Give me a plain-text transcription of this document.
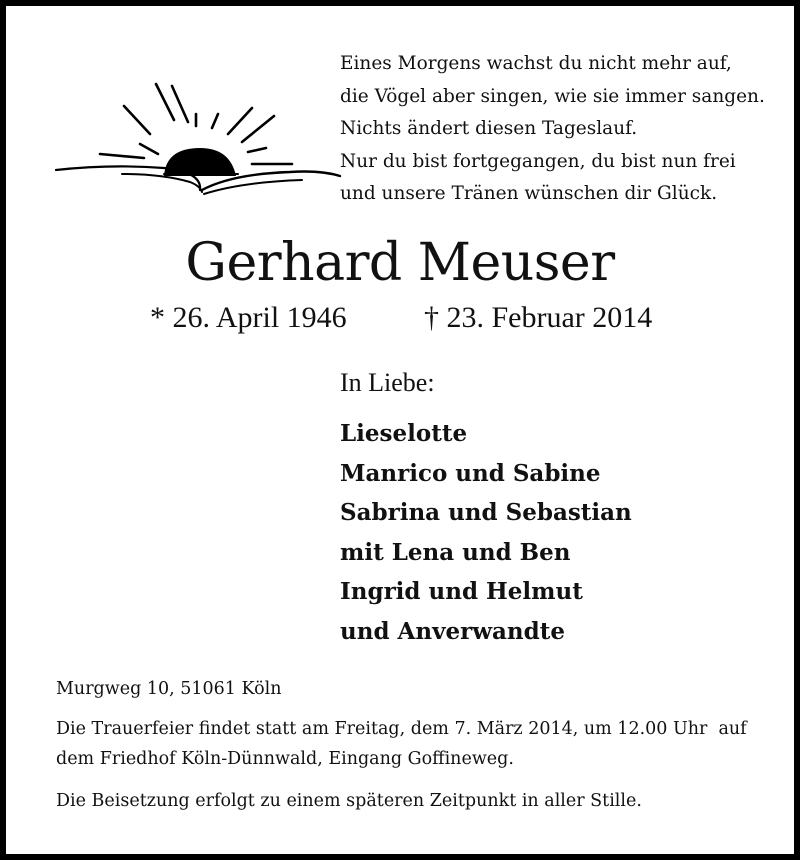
Eines Morgens wachst du nicht mehr auf,
die Vögel aber singen, wie sie immer sangen.
Nichts ändert diesen Tageslauf.
Nur du bist fortgegangen, du bist nun frei
und unsere Tränen wünschen dir Glück.
Gerhard Meuser
* 26. April 1946	† 23. Februar 2014
In Liebe:
Lieselotte
Manrico und Sabine
Sabrina und Sebastian
mit Lena und Ben
Ingrid und Helmut
und Anverwandte
Murgweg 10, 51061 Köln
Die Trauerfeier findet statt am Freitag, dem 7. März 2014, um 12.00 Uhr  auf
dem Friedhof Köln-Dünnwald, Eingang Goffineweg.
Die Beisetzung erfolgt zu einem späteren Zeitpunkt in aller Stille.
